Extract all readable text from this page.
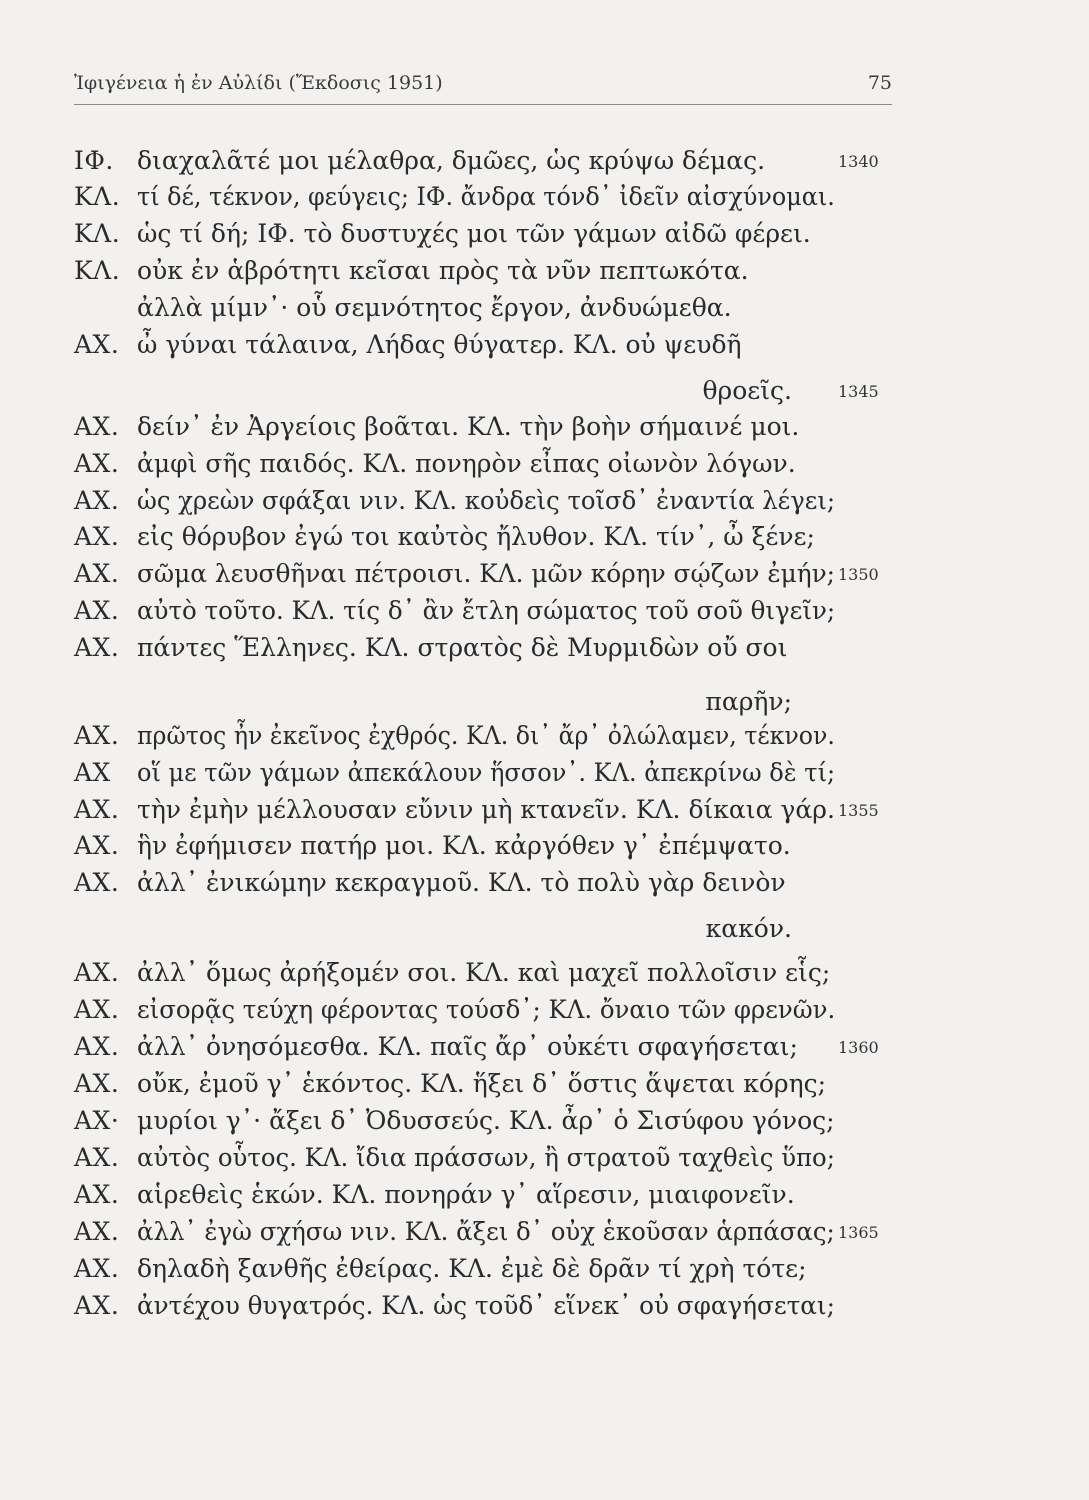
Ἰφιγένεια ἡ ἐν Αὐλίδι (Ἔκδοσις 1951)	75
ΙΦ. διαχαλᾶτέ μοι μέλαθρα, δμῶες, ὡς κρύψω δέμας.	1340
ΚΛ. τί δέ, τέκνον, φεύγεις; ΙΦ. ἄνδρα τόνδ᾽ ἰδεῖν αἰσχύνομαι.
ΚΛ. ὡς τί δή; ΙΦ. τὸ δυστυχές μοι τῶν γάμων αἰδῶ φέρει.
ΚΛ. οὐκ ἐν ἁβρότητι κεῖσαι πρὸς τὰ νῦν πεπτωκότα.
ἀλλὰ μίμν᾽· οὗ σεμνότητος ἔργον, ἀνδυώμεθα.
ΑΧ. ὦ γύναι τάλαινα, Λήδας θύγατερ. ΚΛ. οὐ ψευδῆ
θροεῖς.	1345
ΑΧ. δείν᾽ ἐν Ἀργείοις βοᾶται. ΚΛ. τὴν βοὴν σήμαινέ μοι.
ΑΧ. ἀμφὶ σῆς παιδός. ΚΛ. πονηρὸν εἶπας οἰωνὸν λόγων.
ΑΧ. ὡς χρεὼν σφάξαι νιν. ΚΛ. κοὐδεὶς τοῖσδ᾽ ἐναντία λέγει;
ΑΧ. εἰς θόρυβον ἐγώ τοι καὐτὸς ἤλυθον. ΚΛ. τίν᾽, ὦ ξένε;
ΑΧ. σῶμα λευσθῆναι πέτροισι. ΚΛ. μῶν κόρην σῴζων ἐμήν; 1350
ΑΧ. αὐτὸ τοῦτο. ΚΛ. τίς δ᾽ ἂν ἔτλη σώματος τοῦ σοῦ θιγεῖν;
ΑΧ. πάντες Ἕλληνες. ΚΛ. στρατὸς δὲ Μυρμιδὼν οὔ σοι
παρῆν;
ΑΧ. πρῶτος ἦν ἐκεῖνος ἐχθρός. ΚΛ. δι᾽ ἄρ᾽ ὀλώλαμεν, τέκνον.
ΑΧ οἵ με τῶν γάμων ἀπεκάλουν ἥσσον᾽. ΚΛ. ἀπεκρίνω δὲ τί;
ΑΧ. τὴν ἐμὴν μέλλουσαν εὔνιν μὴ κτανεῖν. ΚΛ. δίκαια γάρ. 1355
ΑΧ. ἣν ἐφήμισεν πατήρ μοι. ΚΛ. κἀργόθεν γ᾽ ἐπέμψατο.
ΑΧ. ἀλλ᾽ ἐνικώμην κεκραγμοῦ. ΚΛ. τὸ πολὺ γὰρ δεινὸν
κακόν.
ΑΧ. ἀλλ᾽ ὅμως ἀρήξομέν σοι. ΚΛ. καὶ μαχεῖ πολλοῖσιν εἷς;
ΑΧ. εἰσορᾷς τεύχη φέροντας τούσδ᾽; ΚΛ. ὄναιο τῶν φρενῶν.
ΑΧ. ἀλλ᾽ ὀνησόμεσθα. ΚΛ. παῖς ἄρ᾽ οὐκέτι σφαγήσεται;	1360
ΑΧ. οὔκ, ἐμοῦ γ᾽ ἑκόντος. ΚΛ. ἥξει δ᾽ ὅστις ἅψεται κόρης;
ΑΧ· μυρίοι γ᾽· ἄξει δ᾽ Ὀδυσσεύς. ΚΛ. ἆρ᾽ ὁ Σισύφου γόνος;
ΑΧ. αὐτὸς οὗτος. ΚΛ. ἴδια πράσσων, ἢ στρατοῦ ταχθεὶς ὕπο;
ΑΧ. αἱρεθεὶς ἑκών. ΚΛ. πονηράν γ᾽ αἵρεσιν, μιαιφονεῖν.
ΑΧ. ἀλλ᾽ ἐγὼ σχήσω νιν. ΚΛ. ἄξει δ᾽ οὐχ ἑκοῦσαν ἁρπάσας; 1365
ΑΧ. δηλαδὴ ξανθῆς ἐθείρας. ΚΛ. ἐμὲ δὲ δρᾶν τί χρὴ τότε;
ΑΧ. ἀντέχου θυγατρός. ΚΛ. ὡς τοῦδ᾽ εἵνεκ᾽ οὐ σφαγήσεται;
